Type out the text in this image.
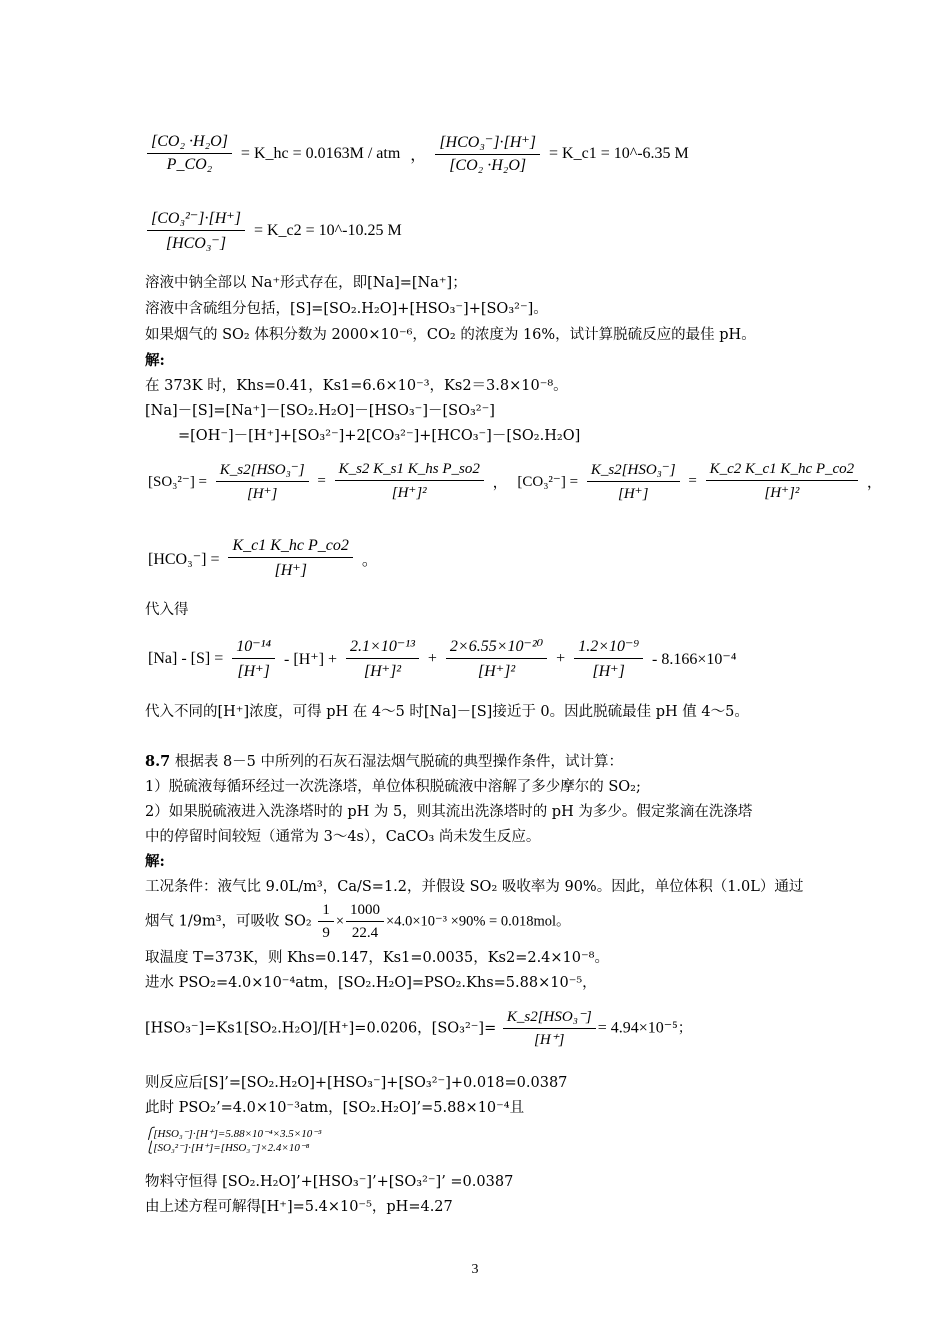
$\frac{\text{[CO₂ ·H₂O]}}{\text{P\_CO₂}}$ = K_hc = 0.0163M / atm ， $\frac{\text{[HCO₃⁻]·[H⁺]}}{\text{[CO₂ ·H₂O]}}$ = K_c1 = 10^-6.35 M
$\frac{\text{[CO₃²⁻]·[H⁺]}}{\text{[HCO₃⁻]}}$ = K_c2 = 10^-10.25 M
溶液中钠全部以 Na⁺形式存在，即[Na]=[Na⁺]；
溶液中含硫组分包括，[S]=[SO₂.H₂O]+[HSO₃⁻]+[SO₃²⁻]。
如果烟气的 SO₂ 体积分数为 2000×10⁻⁶，CO₂ 的浓度为 16%，试计算脱硫反应的最佳 pH。
解:
在 373K 时，Khs=0.41，Ks1=6.6×10⁻³，Ks2＝3.8×10⁻⁸。
[Na]－[S]=[Na⁺]－[SO₂.H₂O]－[HSO₃⁻]－[SO₃²⁻]
=[OH⁻]－[H⁺]+[SO₃²⁻]+2[CO₃²⁻]+[HCO₃⁻]－[SO₂.H₂O]
$[SO_3^{2-}] = \frac{\text{K\_s2[HSO₃⁻]}}{[H^+]} = \frac{\text{K\_s2 K\_s1 K\_hs P\_so2}}{\text{[H⁺]²}}$ ， $[CO_3^{2-}] = \frac{\text{K\_s2[HSO₃⁻]}}{[H^+]} = \frac{\text{K\_c2 K\_c1 K\_hc P\_co2}}{\text{[H⁺]²}}$ ，
$[HCO_3^-] = \frac{\text{K\_c1 K\_hc P\_co2}}{[H^+]}$ 。
代入得
$[Na] - [S] = \frac{\text{10⁻¹⁴}}{[H^+]} - [H^+] + \frac{\text{2.1×10⁻¹³}}{\text{[H⁺]²}} + \frac{\text{2×6.55×10⁻²⁰}}{\text{[H⁺]²}} + \frac{\text{1.2×10⁻⁹}}{[H^+]} - 8.166\times 10^{-4}$
代入不同的[H⁺]浓度，可得 pH 在 4～5 时[Na]－[S]接近于 0。因此脱硫最佳 pH 值 4～5。
8.7 根据表 8－5 中所列的石灰石湿法烟气脱硫的典型操作条件，试计算：
1）脱硫液每循环经过一次洗涤塔，单位体积脱硫液中溶解了多少摩尔的 SO₂;
2）如果脱硫液进入洗涤塔时的 pH 为 5，则其流出洗涤塔时的 pH 为多少。假定浆滴在洗涤塔
中的停留时间较短（通常为 3～4s），CaCO₃ 尚未发生反应。
解:
工况条件：液气比 9.0L/m³，Ca/S=1.2，并假设 SO₂ 吸收率为 90%。因此，单位体积（1.0L）通过
烟气 1/9m³，可吸收 $SO_2 \frac{1}{9} \times \frac{1000}{22.4} \times 4.0\times 10^{-3} \times 90\% = 0.018mol$。
取温度 T=373K，则 Khs=0.147，Ks1=0.0035，Ks2=2.4×10⁻⁸。
进水 PSO₂=4.0×10⁻⁴atm，[SO₂.H₂O]=PSO₂.Khs=5.88×10⁻⁵，
[HSO₃⁻]=Ks1[SO₂.H₂O]/[H⁺]=0.0206，$[SO_3^{2-}]= \frac{\text{K\_s2[HSO₃⁻]}}{[H^+]} = 4.94\times 10^{-5}$；
则反应后[S]’=[SO₂.H₂O]+[HSO₃⁻]+[SO₃²⁻]+0.018=0.0387
此时 PSO₂’=4.0×10⁻³atm，[SO₂.H₂O]’=5.88×10⁻⁴且
⎧[HSO₃⁻]·[H⁺]=5.88×10⁻⁴×3.5×10⁻³
⎩[SO₃²⁻]·[H⁺]=[HSO₃⁻]×2.4×10⁻⁸
物料守恒得 [SO₂.H₂O]’+[HSO₃⁻]’+[SO₃²⁻]’ =0.0387
由上述方程可解得[H⁺]=5.4×10⁻⁵，pH=4.27
3
